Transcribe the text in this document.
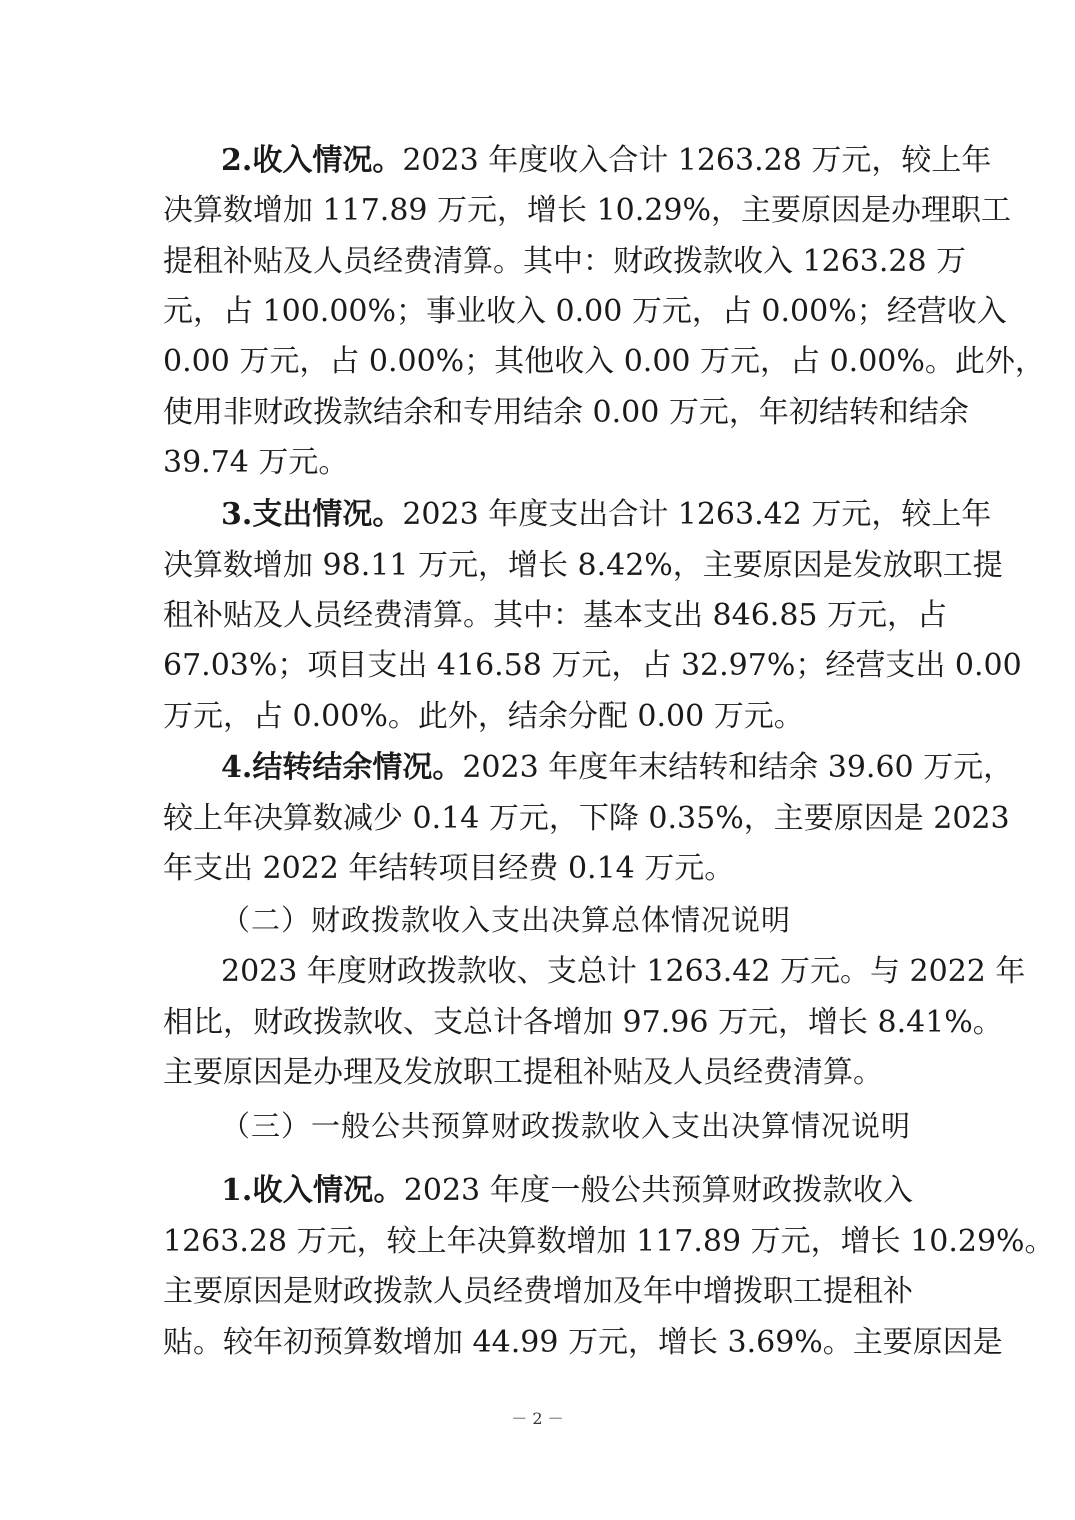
2.收入情况。2023 年度收入合计 1263.28 万元，较上年
决算数增加 117.89 万元，增长 10.29%，主要原因是办理职工
提租补贴及人员经费清算。其中：财政拨款收入 1263.28 万
元，占 100.00%；事业收入 0.00 万元，占 0.00%；经营收入
0.00 万元，占 0.00%；其他收入 0.00 万元，占 0.00%。此外，
使用非财政拨款结余和专用结余 0.00 万元，年初结转和结余
39.74 万元。
3.支出情况。2023 年度支出合计 1263.42 万元，较上年
决算数增加 98.11 万元，增长 8.42%，主要原因是发放职工提
租补贴及人员经费清算。其中：基本支出 846.85 万元，占
67.03%；项目支出 416.58 万元，占 32.97%；经营支出 0.00
万元，占 0.00%。此外，结余分配 0.00 万元。
4.结转结余情况。2023 年度年末结转和结余 39.60 万元，
较上年决算数减少 0.14 万元，下降 0.35%，主要原因是 2023
年支出 2022 年结转项目经费 0.14 万元。
（二）财政拨款收入支出决算总体情况说明
2023 年度财政拨款收、支总计 1263.42 万元。与 2022 年
相比，财政拨款收、支总计各增加 97.96 万元，增长 8.41%。
主要原因是办理及发放职工提租补贴及人员经费清算。
（三）一般公共预算财政拨款收入支出决算情况说明
1.收入情况。2023 年度一般公共预算财政拨款收入
1263.28 万元，较上年决算数增加 117.89 万元，增长 10.29%。
主要原因是财政拨款人员经费增加及年中增拨职工提租补
贴。较年初预算数增加 44.99 万元，增长 3.69%。主要原因是
－ 2 －
